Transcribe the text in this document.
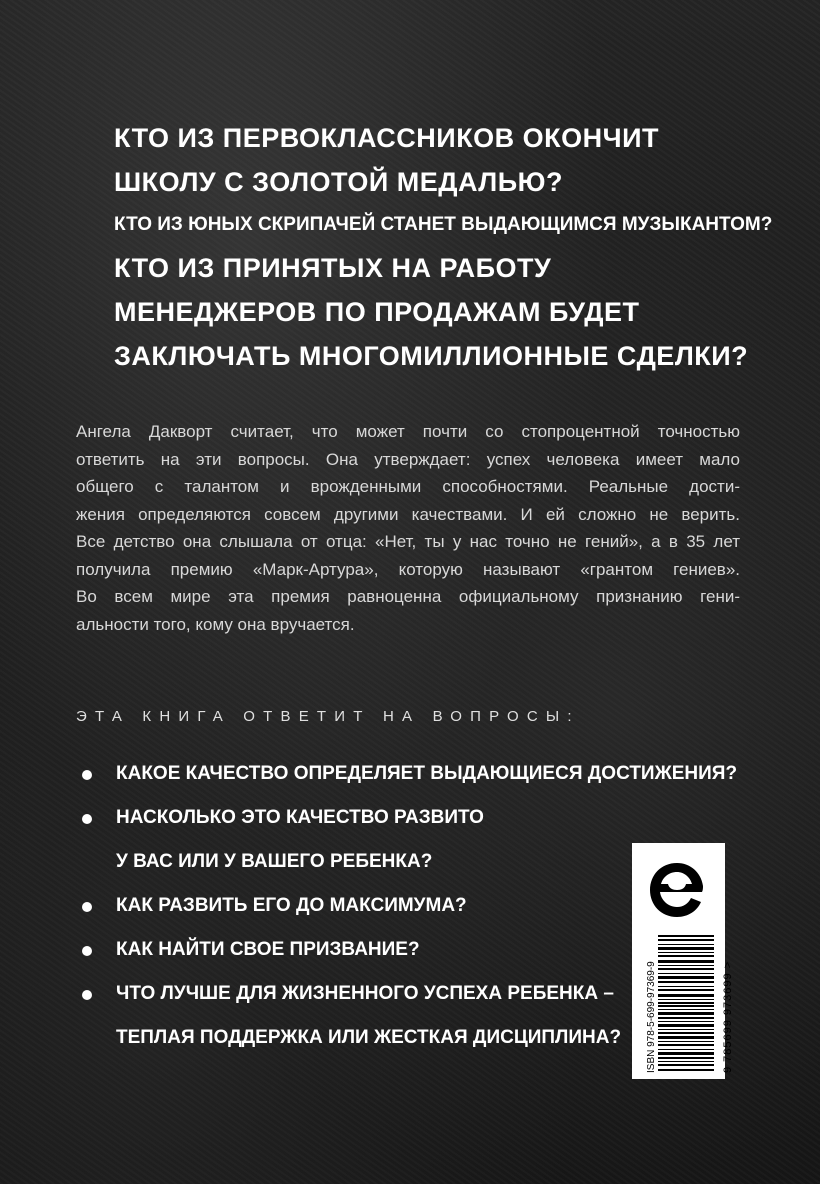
КТО ИЗ ПЕРВОКЛАССНИКОВ ОКОНЧИТ
ШКОЛУ С ЗОЛОТОЙ МЕДАЛЬЮ?
КТО ИЗ ЮНЫХ СКРИПАЧЕЙ СТАНЕТ ВЫДАЮЩИМСЯ МУЗЫКАНТОМ?
КТО ИЗ ПРИНЯТЫХ НА РАБОТУ
МЕНЕДЖЕРОВ ПО ПРОДАЖАМ БУДЕТ
ЗАКЛЮЧАТЬ МНОГОМИЛЛИОННЫЕ СДЕЛКИ?
Ангела Дакворт считает, что может почти со стопроцентной точностью
ответить на эти вопросы. Она утверждает: успех человека имеет мало
общего с талантом и врожденными способностями. Реальные дости-
жения определяются совсем другими качествами. И ей сложно не верить.
Все детство она слышала от отца: «Нет, ты у нас точно не гений», а в 35 лет
получила премию «Марк-Артура», которую называют «грантом гениев».
Во всем мире эта премия равноценна официальному признанию гени-
альности того, кому она вручается.
ЭТА КНИГА ОТВЕТИТ НА ВОПРОСЫ:
КАКОЕ КАЧЕСТВО ОПРЕДЕЛЯЕТ ВЫДАЮЩИЕСЯ ДОСТИЖЕНИЯ?
НАСКОЛЬКО ЭТО КАЧЕСТВО РАЗВИТО
У ВАС ИЛИ У ВАШЕГО РЕБЕНКА?
КАК РАЗВИТЬ ЕГО ДО МАКСИМУМА?
КАК НАЙТИ СВОЕ ПРИЗВАНИЕ?
ЧТО ЛУЧШЕ ДЛЯ ЖИЗНЕННОГО УСПЕХА РЕБЕНКА –
ТЕПЛАЯ ПОДДЕРЖКА ИЛИ ЖЕСТКАЯ ДИСЦИПЛИНА? ISBN 978-5-699-97369-9	9 785699 973699 >
